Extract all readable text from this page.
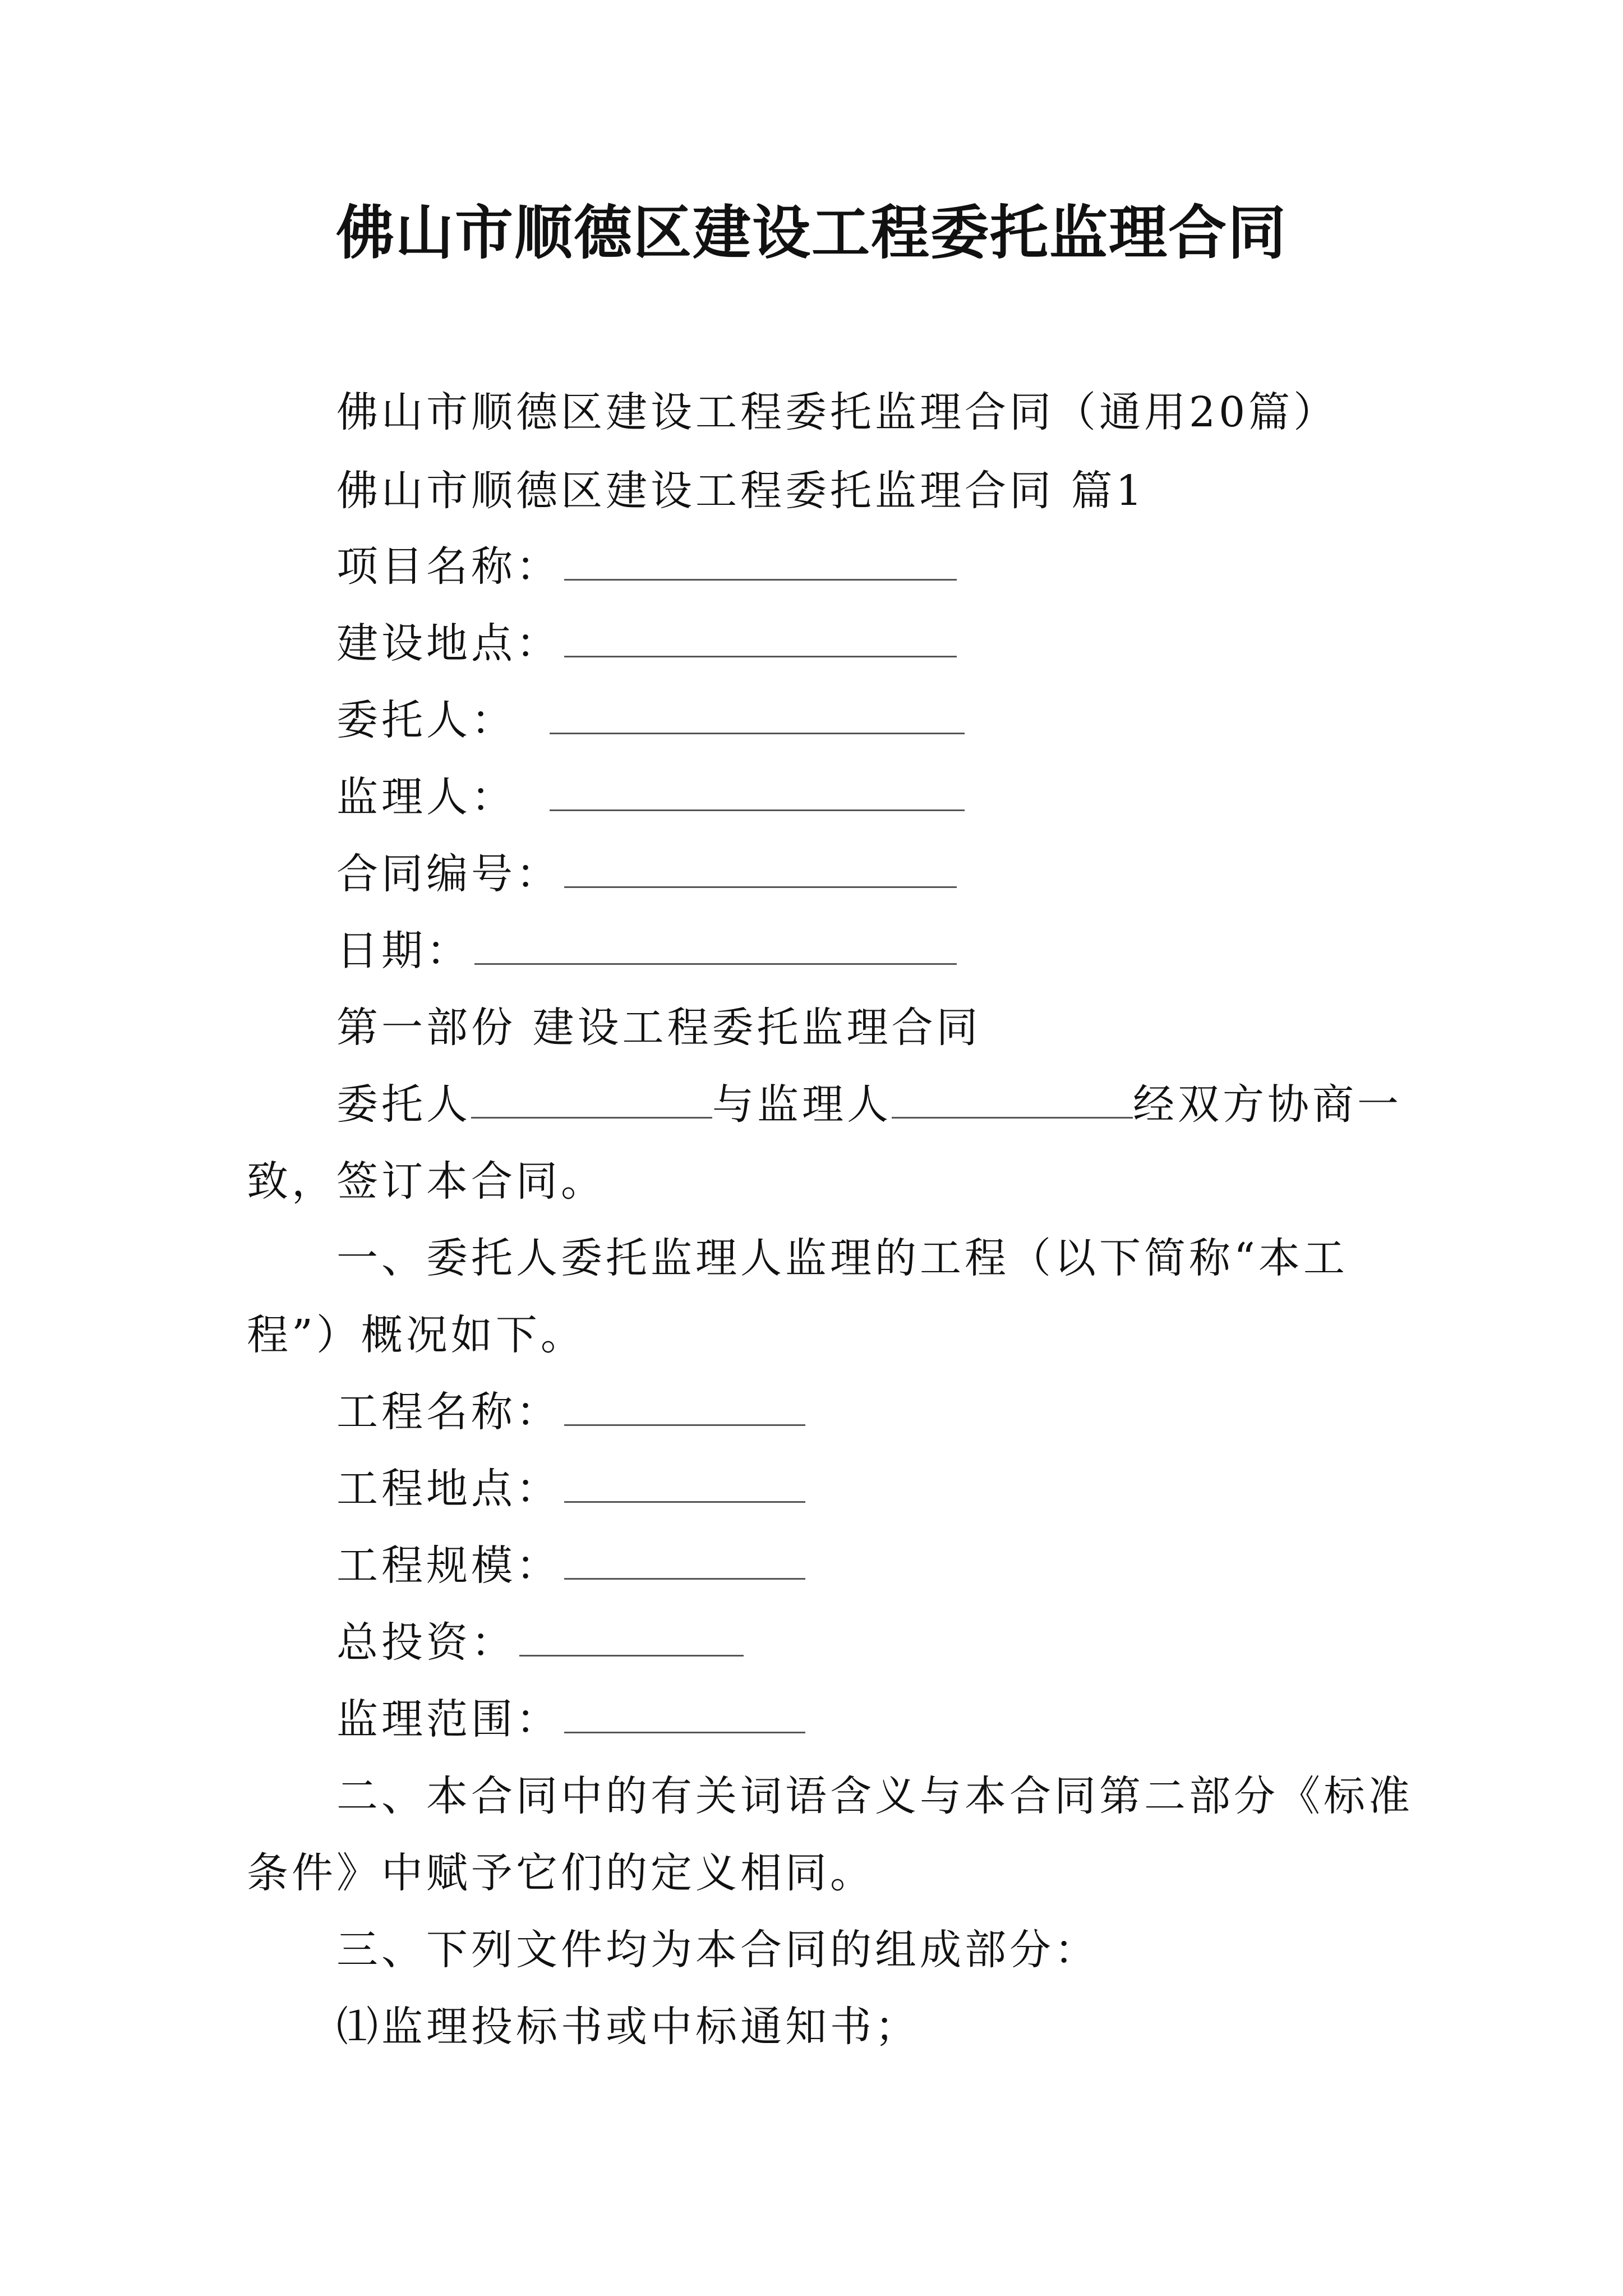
佛山市顺德区建设工程委托监理合同
佛山市顺德区建设工程委托监理合同（通用20篇）
佛山市顺德区建设工程委托监理合同 篇1
项目名称：
建设地点：
委托人：
监理人：
合同编号：
日期：
第一部份 建设工程委托监理合同
委托人	与监理人	经双方协商一
致，签订本合同。
一、委托人委托监理人监理的工程（以下简称“本工
程”）概况如下。
工程名称：
工程地点：
工程规模：
总投资：
监理范围：
二、本合同中的有关词语含义与本合同第二部分《标准
条件》中赋予它们的定义相同。
三、下列文件均为本合同的组成部分：
⑴监理投标书或中标通知书；
